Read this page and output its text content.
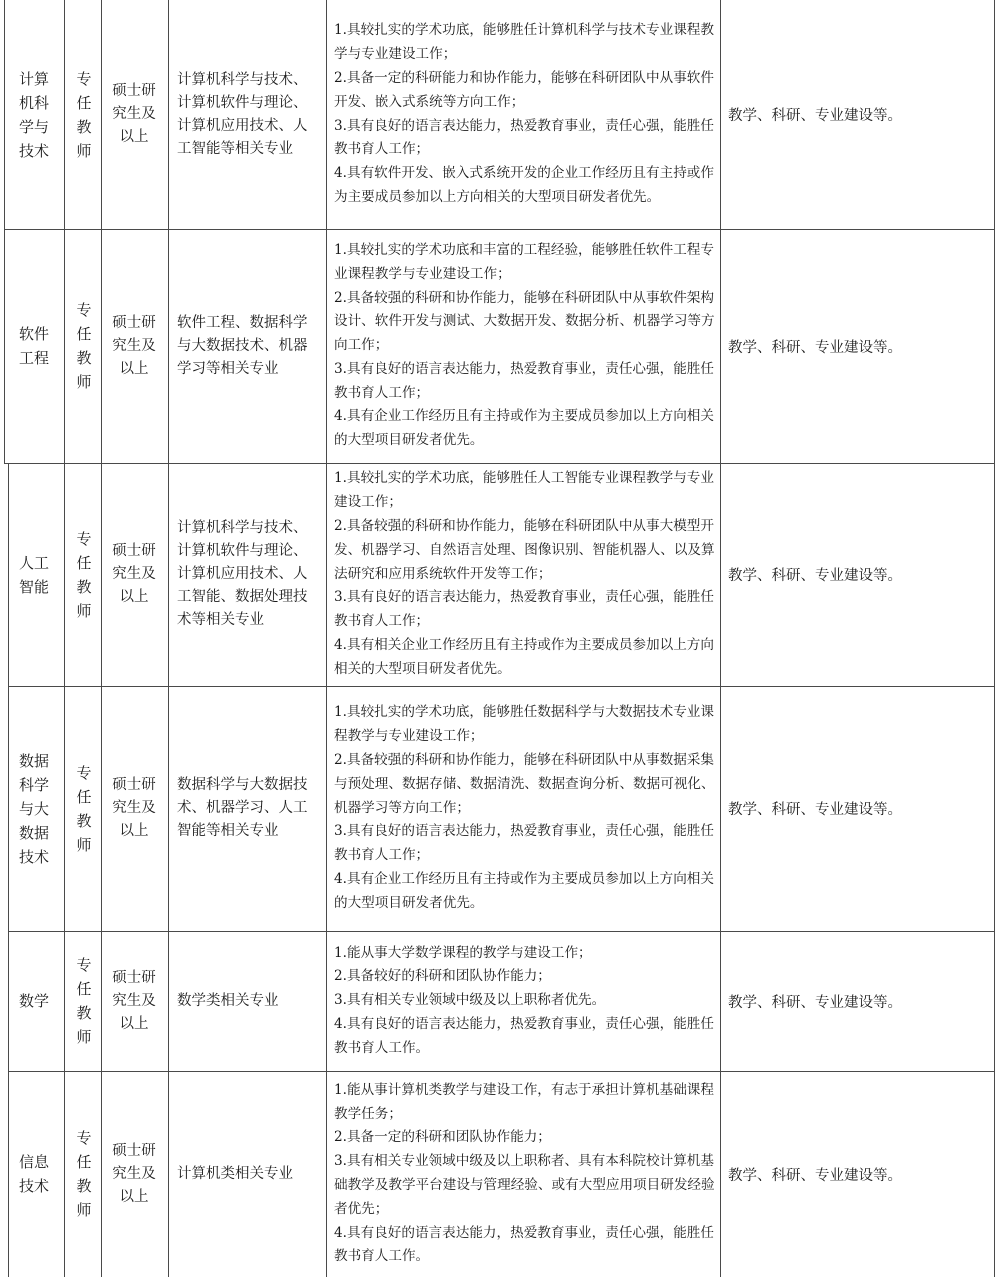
计算机科学与技术
专任教师
硕士研究生及以上
计算机科学与技术、计算机软件与理论、计算机应用技术、人工智能等相关专业
1.具较扎实的学术功底，能够胜任计算机科学与技术专业课程教学与专业建设工作；
2.具备一定的科研能力和协作能力，能够在科研团队中从事软件开发、嵌入式系统等方向工作；
3.具有良好的语言表达能力，热爱教育事业，责任心强，能胜任教书育人工作；
4.具有软件开发、嵌入式系统开发的企业工作经历且有主持或作为主要成员参加以上方向相关的大型项目研发者优先。
教学、科研、专业建设等。
软件工程
专任教师
硕士研究生及以上
软件工程、数据科学与大数据技术、机器学习等相关专业
1.具较扎实的学术功底和丰富的工程经验，能够胜任软件工程专业课程教学与专业建设工作；
2.具备较强的科研和协作能力，能够在科研团队中从事软件架构设计、软件开发与测试、大数据开发、数据分析、机器学习等方向工作；
3.具有良好的语言表达能力，热爱教育事业，责任心强，能胜任教书育人工作；
4.具有企业工作经历且有主持或作为主要成员参加以上方向相关的大型项目研发者优先。
教学、科研、专业建设等。
人工智能
专任教师
硕士研究生及以上
计算机科学与技术、计算机软件与理论、计算机应用技术、人工智能、数据处理技术等相关专业
1.具较扎实的学术功底，能够胜任人工智能专业课程教学与专业建设工作；
2.具备较强的科研和协作能力，能够在科研团队中从事大模型开发、机器学习、自然语言处理、图像识别、智能机器人、以及算法研究和应用系统软件开发等工作；
3.具有良好的语言表达能力，热爱教育事业，责任心强，能胜任教书育人工作；
4.具有相关企业工作经历且有主持或作为主要成员参加以上方向相关的大型项目研发者优先。
教学、科研、专业建设等。
数据科学与大数据技术
专任教师
硕士研究生及以上
数据科学与大数据技术、机器学习、人工智能等相关专业
1.具较扎实的学术功底，能够胜任数据科学与大数据技术专业课程教学与专业建设工作；
2.具备较强的科研和协作能力，能够在科研团队中从事数据采集与预处理、数据存储、数据清洗、数据查询分析、数据可视化、机器学习等方向工作；
3.具有良好的语言表达能力，热爱教育事业，责任心强，能胜任教书育人工作；
4.具有企业工作经历且有主持或作为主要成员参加以上方向相关的大型项目研发者优先。
教学、科研、专业建设等。
数学
专任教师
硕士研究生及以上
数学类相关专业
1.能从事大学数学课程的教学与建设工作；
2.具备较好的科研和团队协作能力；
3.具有相关专业领域中级及以上职称者优先。
4.具有良好的语言表达能力，热爱教育事业，责任心强，能胜任教书育人工作。
教学、科研、专业建设等。
信息技术
专任教师
硕士研究生及以上
计算机类相关专业
1.能从事计算机类教学与建设工作，有志于承担计算机基础课程教学任务；
2.具备一定的科研和团队协作能力；
3.具有相关专业领域中级及以上职称者、具有本科院校计算机基础教学及教学平台建设与管理经验、或有大型应用项目研发经验者优先；
4.具有良好的语言表达能力，热爱教育事业，责任心强，能胜任教书育人工作。
教学、科研、专业建设等。
